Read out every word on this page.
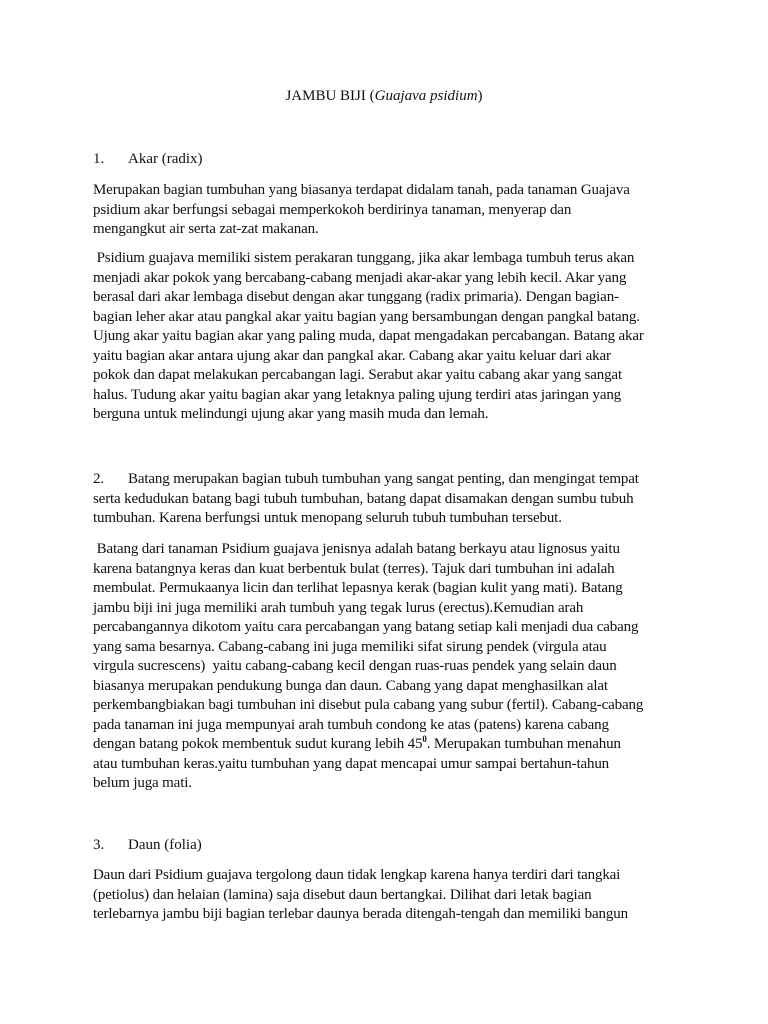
JAMBU BIJI (Guajava psidium)
1. Akar (radix)

Merupakan bagian tumbuhan yang biasanya terdapat didalam tanah, pada tanaman Guajava
psidium akar berfungsi sebagai memperkokoh berdirinya tanaman, menyerap dan
mengangkut air serta zat-zat makanan.

Psidium guajava memiliki sistem perakaran tunggang, jika akar lembaga tumbuh terus akan
menjadi akar pokok yang bercabang-cabang menjadi akar-akar yang lebih kecil. Akar yang
berasal dari akar lembaga disebut dengan akar tunggang (radix primaria). Dengan bagian-
bagian leher akar atau pangkal akar yaitu bagian yang bersambungan dengan pangkal batang.
Ujung akar yaitu bagian akar yang paling muda, dapat mengadakan percabangan. Batang akar
yaitu bagian akar antara ujung akar dan pangkal akar. Cabang akar yaitu keluar dari akar
pokok dan dapat melakukan percabangan lagi. Serabut akar yaitu cabang akar yang sangat
halus. Tudung akar yaitu bagian akar yang letaknya paling ujung terdiri atas jaringan yang
berguna untuk melindungi ujung akar yang masih muda dan lemah.

2. Batang merupakan bagian tubuh tumbuhan yang sangat penting, dan mengingat tempat
serta kedudukan batang bagi tubuh tumbuhan, batang dapat disamakan dengan sumbu tubuh
tumbuhan. Karena berfungsi untuk menopang seluruh tubuh tumbuhan tersebut.

Batang dari tanaman Psidium guajava jenisnya adalah batang berkayu atau lignosus yaitu
karena batangnya keras dan kuat berbentuk bulat (terres). Tajuk dari tumbuhan ini adalah
membulat. Permukaanya licin dan terlihat lepasnya kerak (bagian kulit yang mati). Batang
jambu biji ini juga memiliki arah tumbuh yang tegak lurus (erectus).Kemudian arah
percabangannya dikotom yaitu cara percabangan yang batang setiap kali menjadi dua cabang
yang sama besarnya. Cabang-cabang ini juga memiliki sifat sirung pendek (virgula atau
virgula sucrescens)  yaitu cabang-cabang kecil dengan ruas-ruas pendek yang selain daun
biasanya merupakan pendukung bunga dan daun. Cabang yang dapat menghasilkan alat
perkembangbiakan bagi tumbuhan ini disebut pula cabang yang subur (fertil). Cabang-cabang
pada tanaman ini juga mempunyai arah tumbuh condong ke atas (patens) karena cabang
dengan batang pokok membentuk sudut kurang lebih $45^0$. Merupakan tumbuhan menahun
atau tumbuhan keras.yaitu tumbuhan yang dapat mencapai umur sampai bertahun-tahun
belum juga mati.

3. Daun (folia)

Daun dari Psidium guajava tergolong daun tidak lengkap karena hanya terdiri dari tangkai
(petiolus) dan helaian (lamina) saja disebut daun bertangkai. Dilihat dari letak bagian
terlebarnya jambu biji bagian terlebar daunya berada ditengah-tengah dan memiliki bangun
